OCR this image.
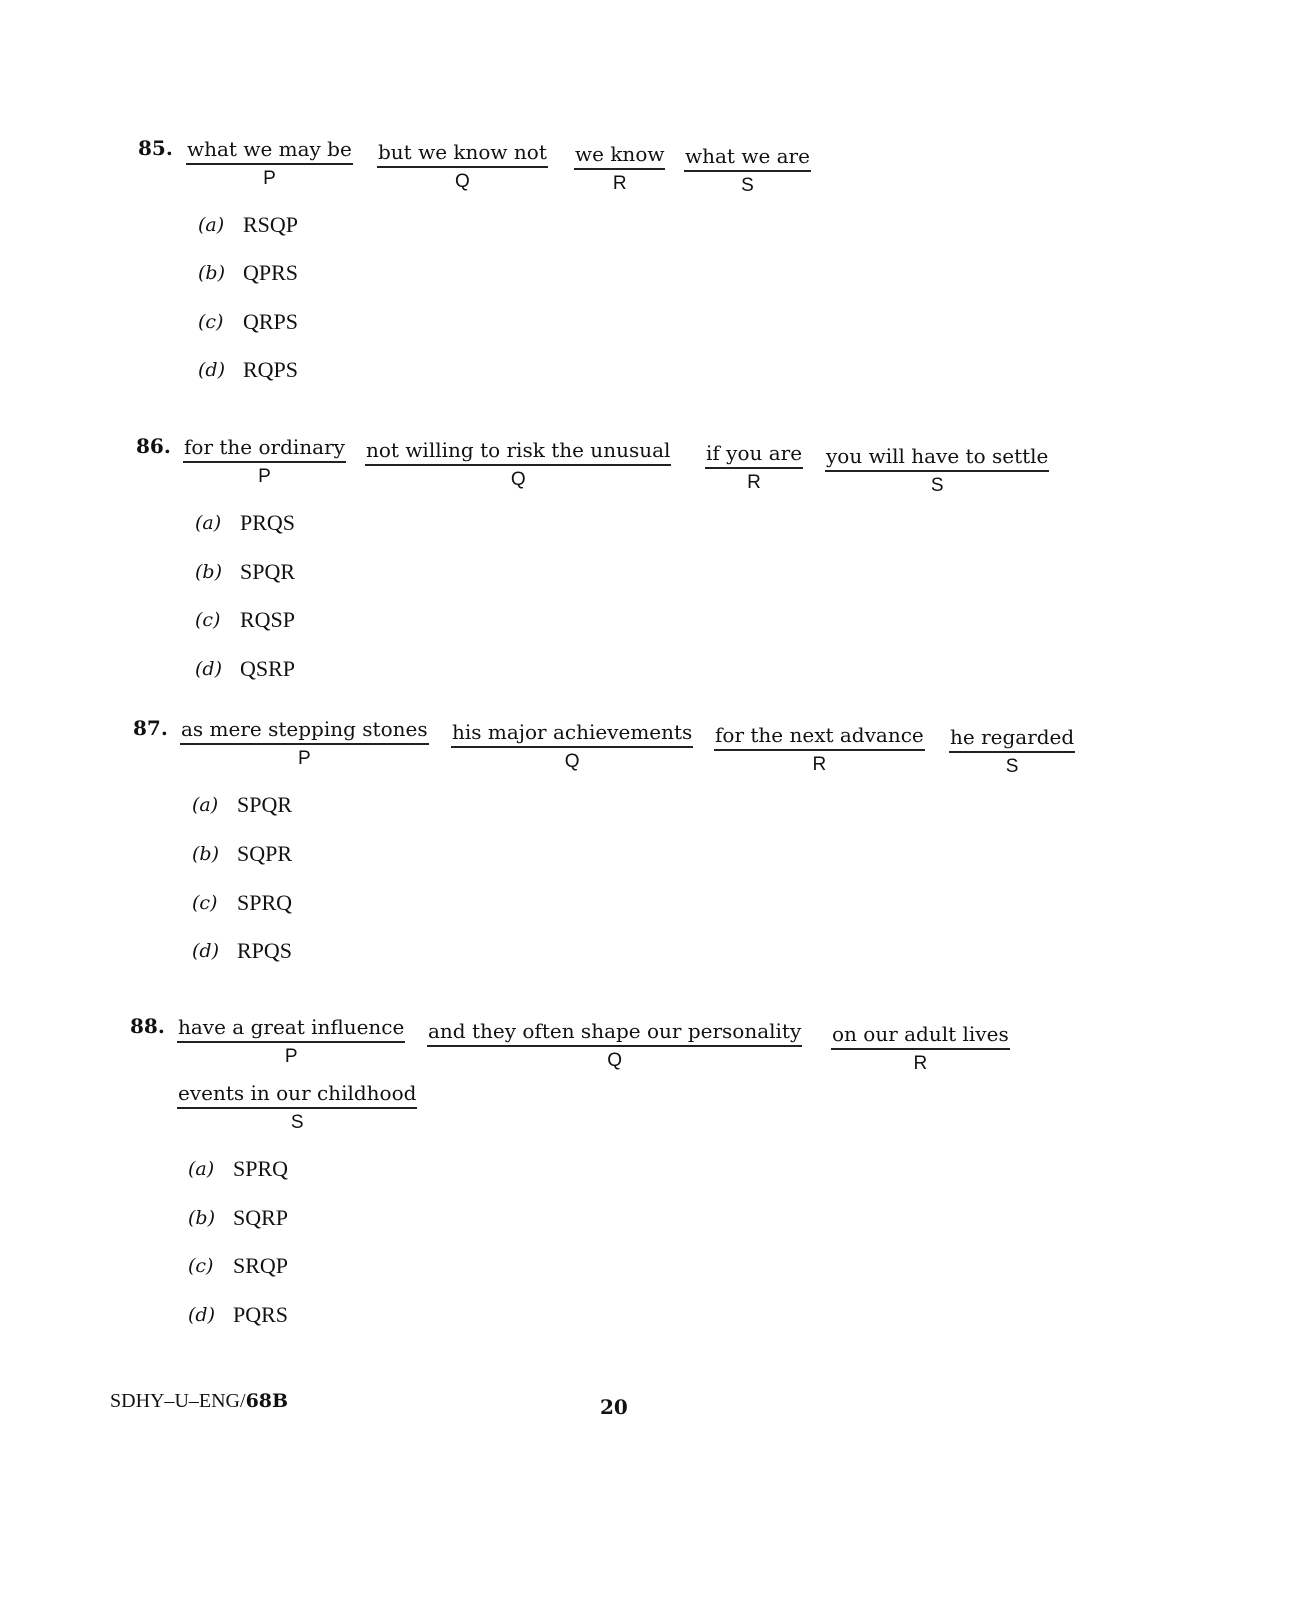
85. what we may be
P
but we know not
Q
we know
R
what we are
S
(a) RSQP
(b) QPRS
(c) QRPS
(d) RQPS
86. for the ordinary
P
not willing to risk the unusual
Q
if you are
R
you will have to settle
S
(a) PRQS
(b) SPQR
(c) RQSP
(d) QSRP
87. as mere stepping stones
P
his major achievements
Q
for the next advance
R
he regarded
S
(a) SPQR
(b) SQPR
(c) SPRQ
(d) RPQS
88. have a great influence
P
and they often shape our personality
Q
on our adult lives
R
events in our childhood
S
(a) SPRQ
(b) SQRP
(c) SRQP
(d) PQRS
SDHY–U–ENG/68B	20
